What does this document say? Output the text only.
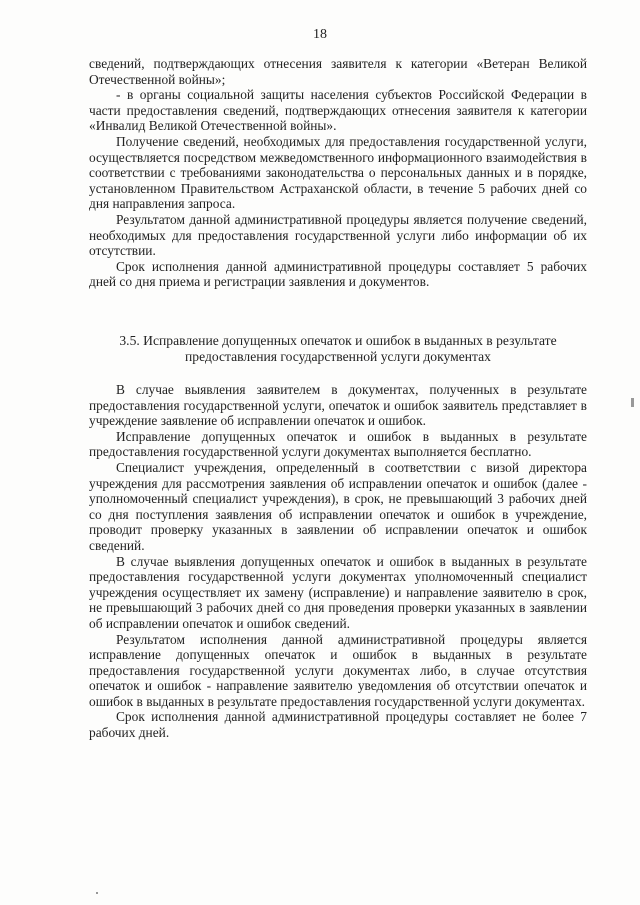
18

сведений, подтверждающих отнесения заявителя к категории «Ветеран Великой Отечественной войны»;

- в органы социальной защиты населения субъектов Российской Федерации в части предоставления сведений, подтверждающих отнесения заявителя к категории «Инвалид Великой Отечественной войны».

Получение сведений, необходимых для предоставления государственной услуги, осуществляется посредством межведомственного информационного взаимодействия в соответствии с требованиями законодательства о персональных данных и в порядке, установленном Правительством Астраханской области, в течение 5 рабочих дней со дня направления запроса.

Результатом данной административной процедуры является получение сведений, необходимых для предоставления государственной услуги либо информации об их отсутствии.

Срок исполнения данной административной процедуры составляет 5 рабочих дней со дня приема и регистрации заявления и документов.

3.5. Исправление допущенных опечаток и ошибок в выданных в результате
предоставления государственной услуги документах

В случае выявления заявителем в документах, полученных в результате предоставления государственной услуги, опечаток и ошибок заявитель представляет в учреждение заявление об исправлении опечаток и ошибок.

Исправление допущенных опечаток и ошибок в выданных в результате предоставления государственной услуги документах выполняется бесплатно.

Специалист учреждения, определенный в соответствии с визой директора учреждения для рассмотрения заявления об исправлении опечаток и ошибок (далее - уполномоченный специалист учреждения), в срок, не превышающий 3 рабочих дней со дня поступления заявления об исправлении опечаток и ошибок в учреждение, проводит проверку указанных в заявлении об исправлении опечаток и ошибок сведений.

В случае выявления допущенных опечаток и ошибок в выданных в результате предоставления государственной услуги документах уполномоченный специалист учреждения осуществляет их замену (исправление) и направление заявителю в срок, не превышающий 3 рабочих дней со дня проведения проверки указанных в заявлении об исправлении опечаток и ошибок сведений.

Результатом исполнения данной административной процедуры является исправление допущенных опечаток и ошибок в выданных в результате предоставления государственной услуги документах либо, в случае отсутствия опечаток и ошибок - направление заявителю уведомления об отсутствии опечаток и ошибок в выданных в результате предоставления государственной услуги документах.

Срок исполнения данной административной процедуры составляет не более 7 рабочих дней.
